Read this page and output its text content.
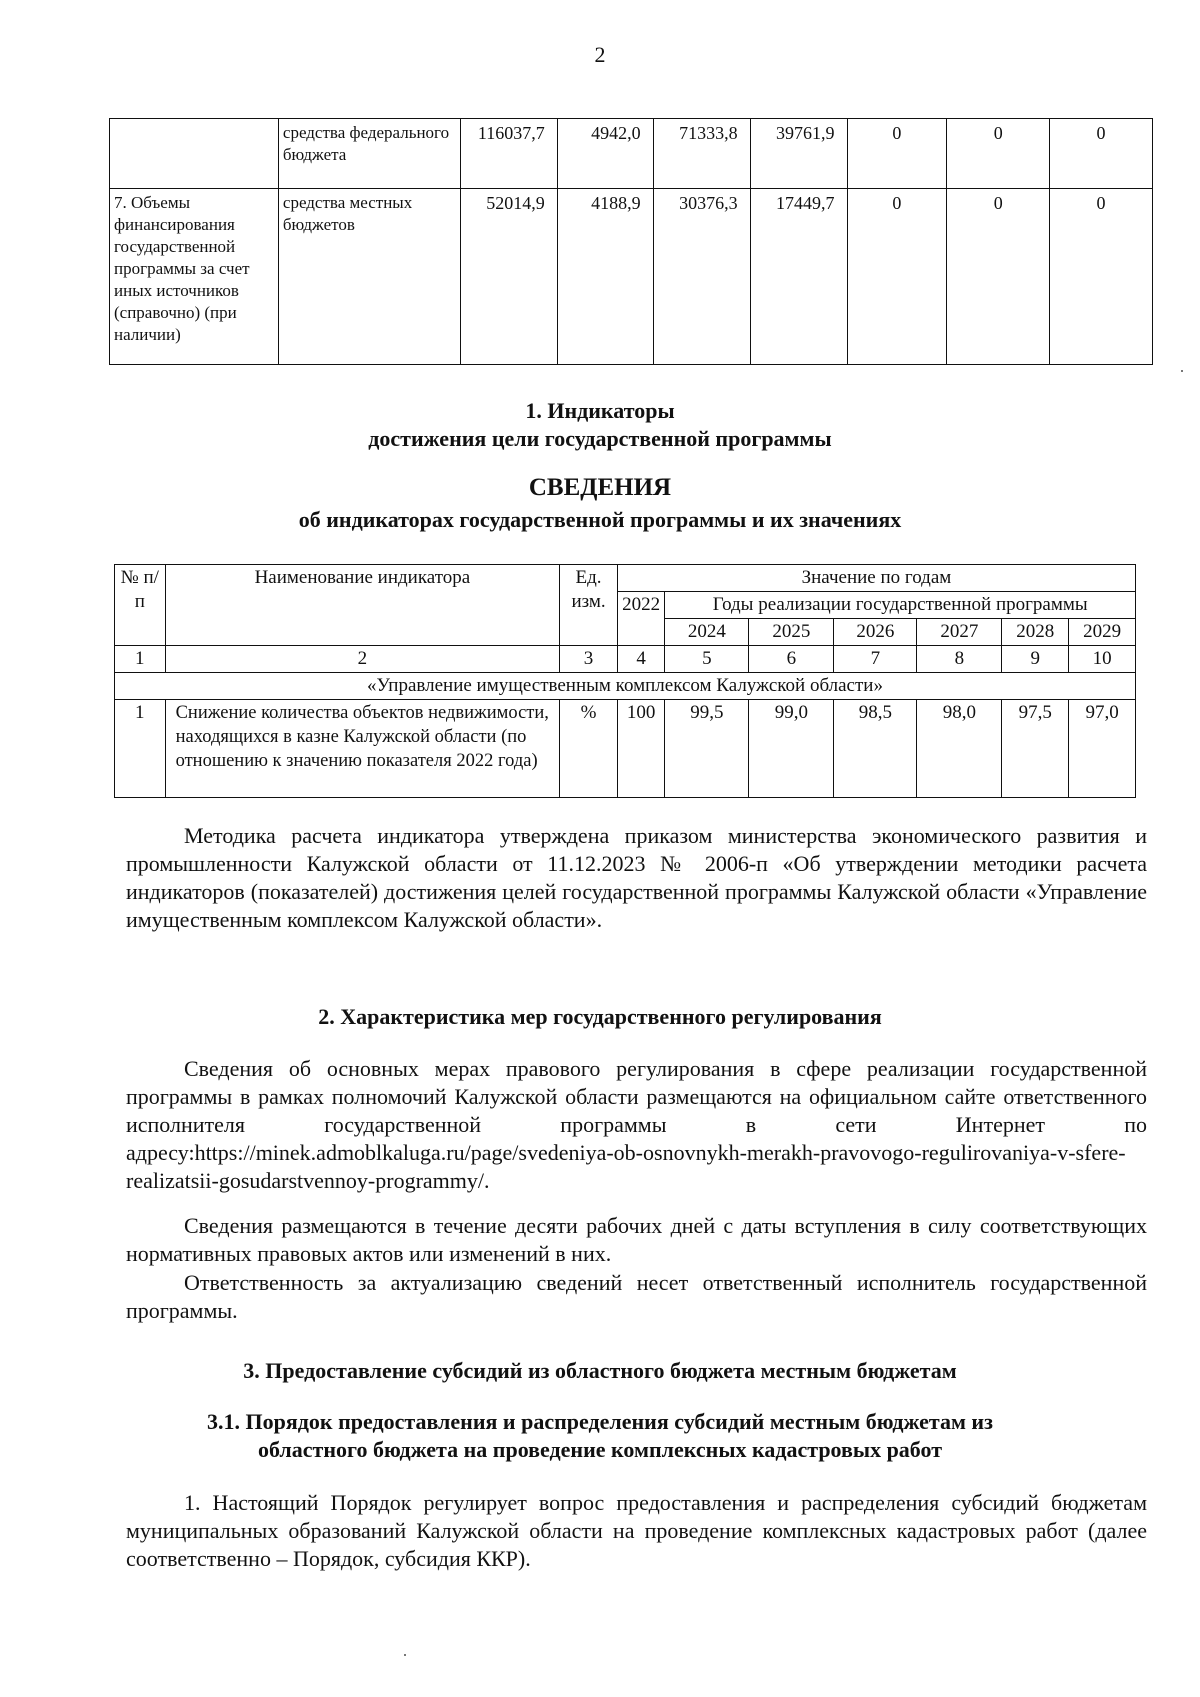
2
	средства федерального бюджета	116037,7	4942,0	71333,8	39761,9	0	0	0
7. Объемы финансирования государственной программы за счет иных источников (справочно) (при наличии)	средства местных бюджетов	52014,9	4188,9	30376,3	17449,7	0	0	0
1. Индикаторы
достижения цели государственной программы
СВЕДЕНИЯ
об индикаторах государственной программы и их значениях
№ п/п	Наименование индикатора	Ед. изм.	Значение по годам						
			2022	Годы реализации государственной программы					
				2024	2025	2026	2027	2028	2029
1	2	3	4	5	6	7	8	9	10
«Управление имущественным комплексом Калужской области»									
1	Снижение количества объектов недвижимости, находящихся в казне Калужской области (по отношению к значению показателя 2022 года)	%	100	99,5	99,0	98,5	98,0	97,5	97,0

Методика расчета индикатора утверждена приказом министерства экономического развития и промышленности Калужской области от 11.12.2023 № 2006-п «Об утверждении методики расчета индикаторов (показателей) достижения целей государственной программы Калужской области «Управление имущественным комплексом Калужской области».

2. Характеристика мер государственного регулирования

Сведения об основных мерах правового регулирования в сфере реализации государственной программы в рамках полномочий Калужской области размещаются на официальном сайте ответственного исполнителя государственной программы в сети Интернет по адресу:https://minek.admoblkaluga.ru/page/svedeniya-ob-osnovnykh-merakh-pravovogo-regulirovaniya-v-sfere-realizatsii-gosudarstvennoy-programmy/.

Сведения размещаются в течение десяти рабочих дней с даты вступления в силу соответствующих нормативных правовых актов или изменений в них.

Ответственность за актуализацию сведений несет ответственный исполнитель государственной программы.

3. Предоставление субсидий из областного бюджета местным бюджетам
3.1. Порядок предоставления и распределения субсидий местным бюджетам из
областного бюджета на проведение комплексных кадастровых работ

1. Настоящий Порядок регулирует вопрос предоставления и распределения субсидий бюджетам муниципальных образований Калужской области на проведение комплексных кадастровых работ (далее соответственно – Порядок, субсидия ККР).
